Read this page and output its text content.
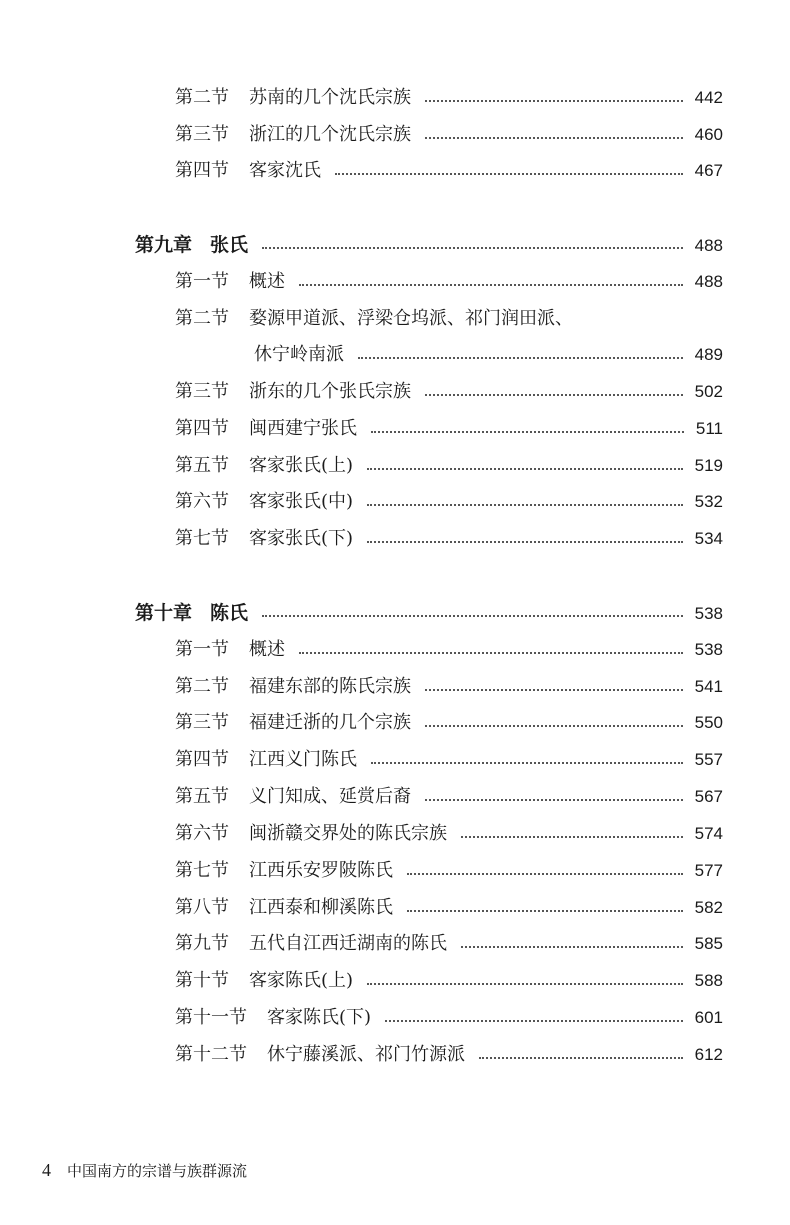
第二节 苏南的几个沈氏宗族	442
第三节 浙江的几个沈氏宗族	460
第四节 客家沈氏	467
第九章 张氏	488
第一节 概述	488
第二节 婺源甲道派、浮梁仓坞派、祁门润田派、
休宁岭南派	489
第三节 浙东的几个张氏宗族	502
第四节 闽西建宁张氏	511
第五节 客家张氏(上)	519
第六节 客家张氏(中)	532
第七节 客家张氏(下)	534
第十章 陈氏	538
第一节 概述	538
第二节 福建东部的陈氏宗族	541
第三节 福建迁浙的几个宗族	550
第四节 江西义门陈氏	557
第五节 义门知成、延赏后裔	567
第六节 闽浙赣交界处的陈氏宗族	574
第七节 江西乐安罗陂陈氏	577
第八节 江西泰和柳溪陈氏	582
第九节 五代自江西迁湖南的陈氏	585
第十节 客家陈氏(上)	588
第十一节 客家陈氏(下)	601
第十二节 休宁藤溪派、祁门竹源派	612
4 中国南方的宗谱与族群源流
